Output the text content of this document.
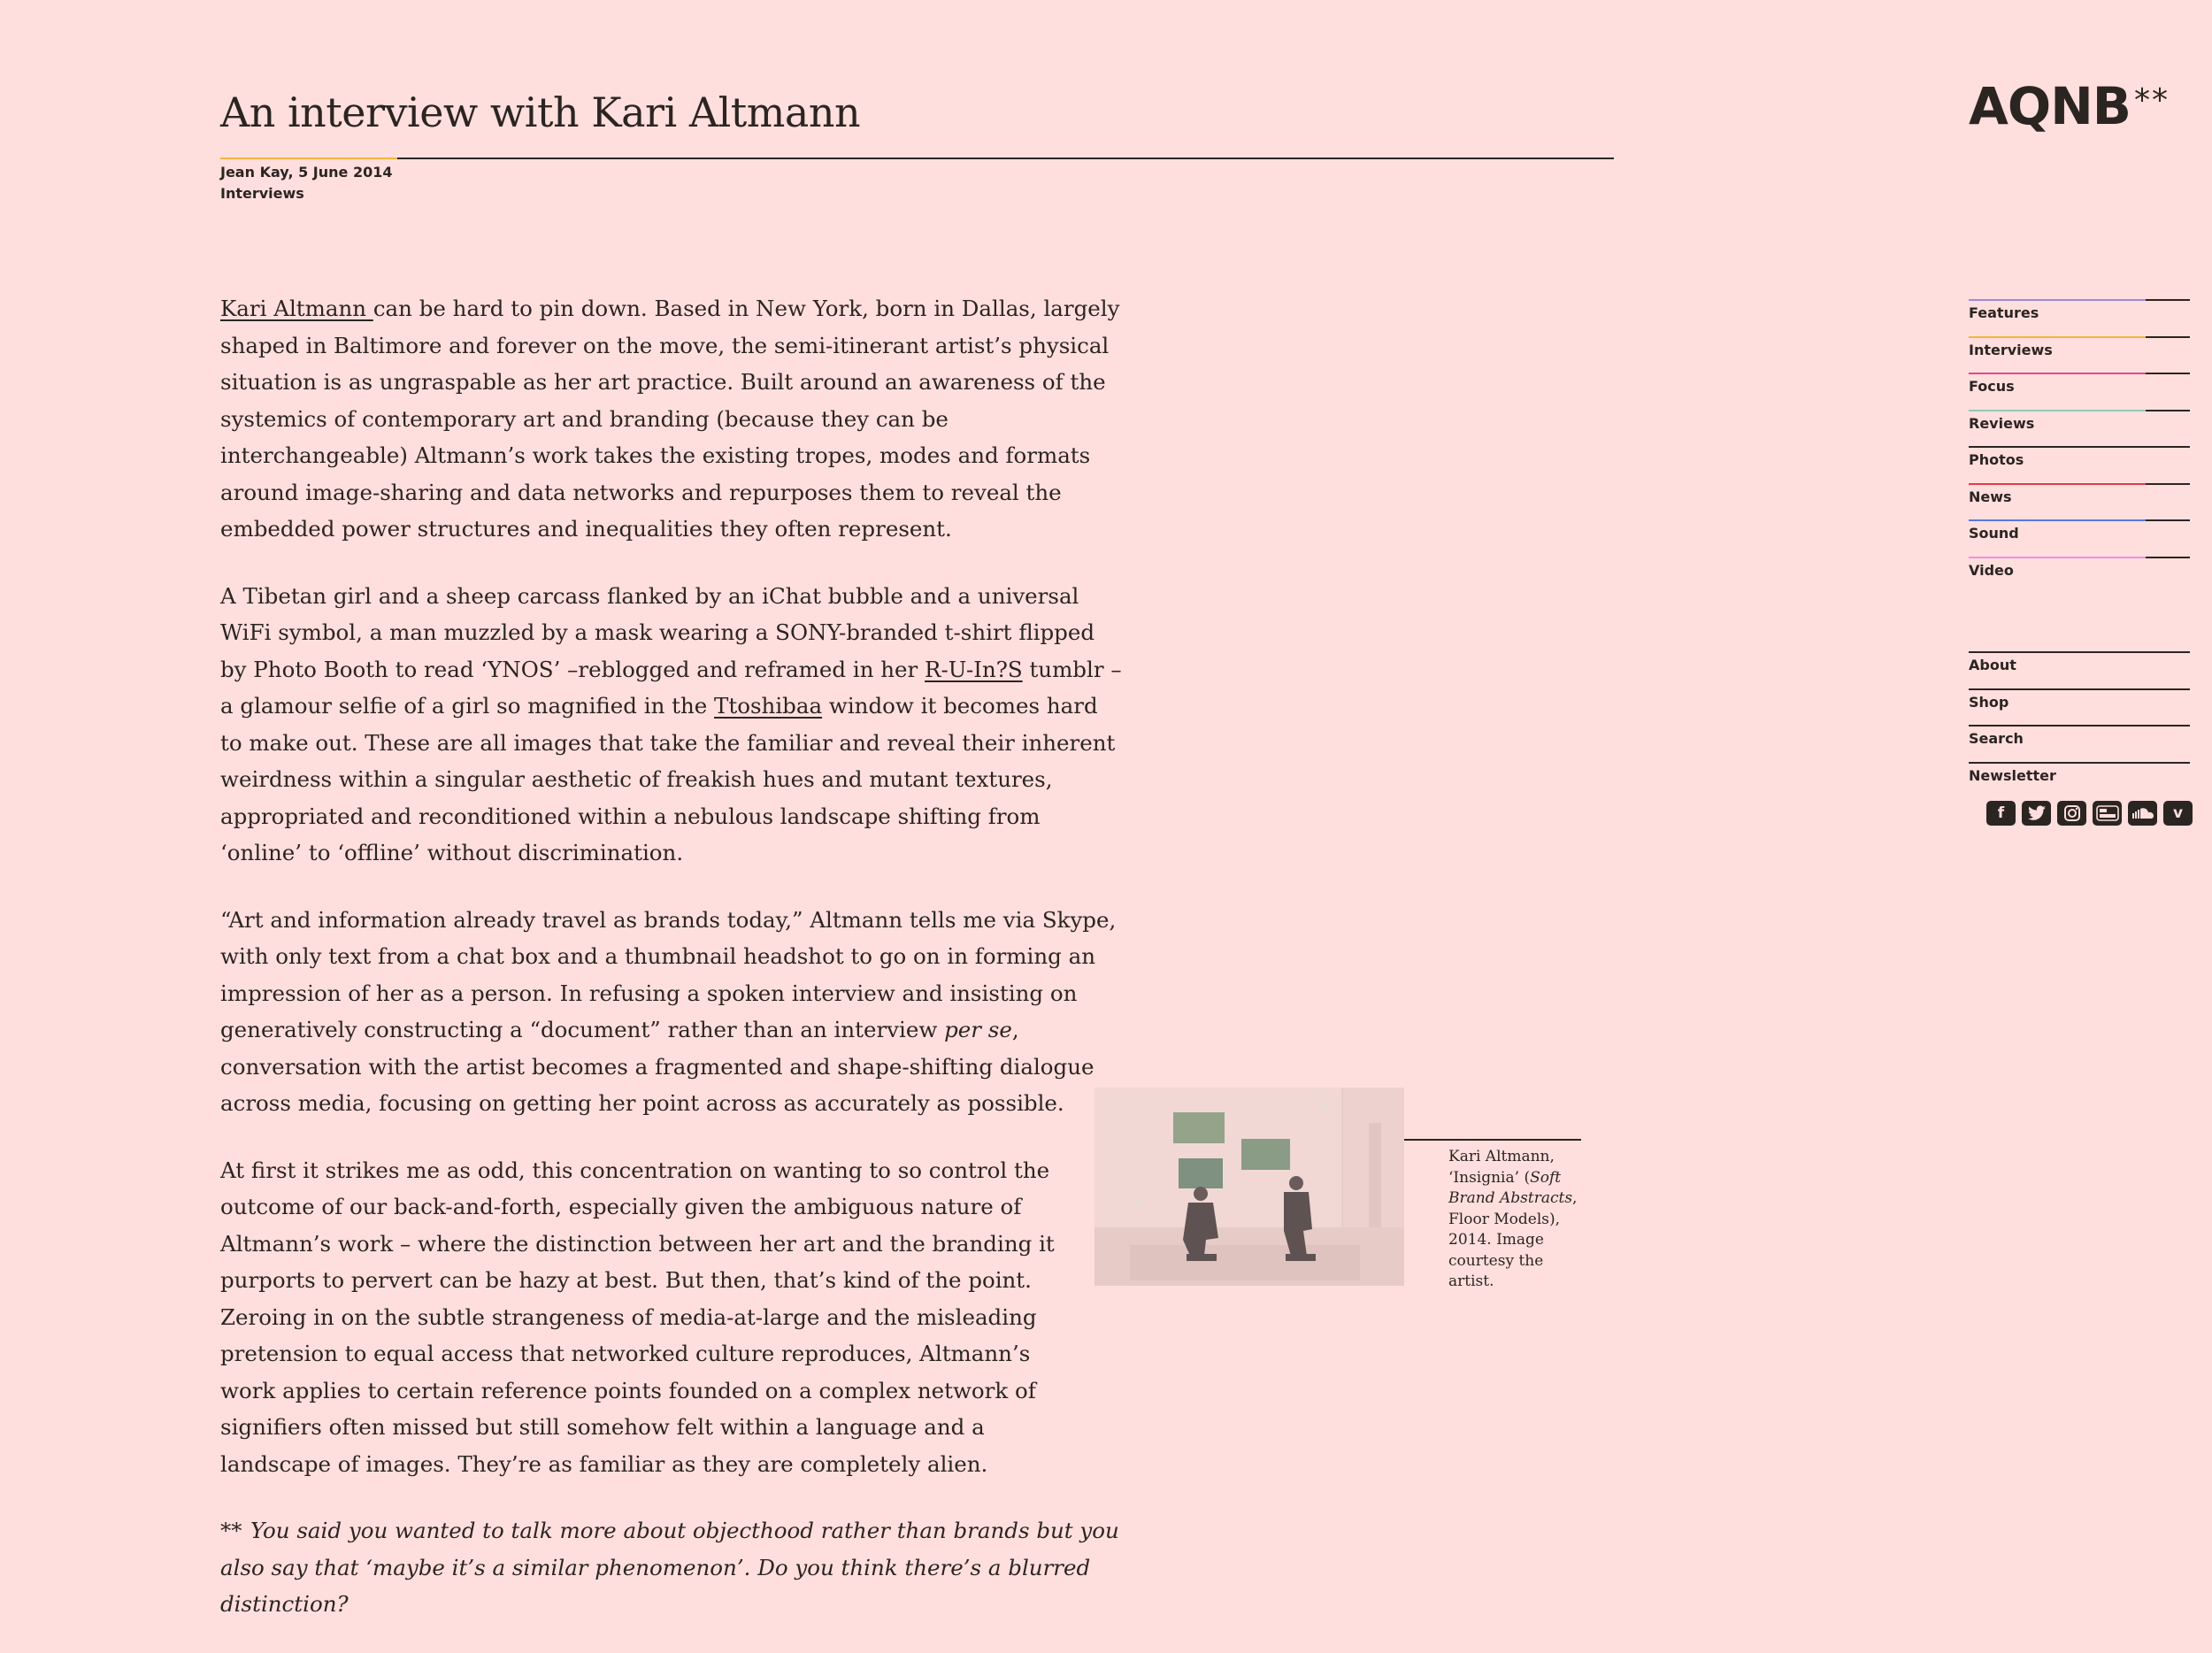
An interview with Kari Altmann
Jean Kay, 5 June 2014
Interviews

Kari Altmann can be hard to pin down. Based in New York, born in Dallas, largely shaped in Baltimore and forever on the move, the semi-itinerant artist’s physical situation is as ungraspable as her art practice. Built around an awareness of the systemics of contemporary art and branding (because they can be interchangeable) Altmann’s work takes the existing tropes, modes and formats around image-sharing and data networks and repurposes them to reveal the embedded power structures and inequalities they often represent.

A Tibetan girl and a sheep carcass flanked by an iChat bubble and a universal WiFi symbol, a man muzzled by a mask wearing a SONY-branded t-shirt flipped by Photo Booth to read ‘YNOS’ –reblogged and reframed in her R-U-In?S tumblr –a glamour selfie of a girl so magnified in the Ttoshibaa window it becomes hard to make out. These are all images that take the familiar and reveal their inherent weirdness within a singular aesthetic of freakish hues and mutant textures, appropriated and reconditioned within a nebulous landscape shifting from ‘online’ to ‘offline’ without discrimination.

“Art and information already travel as brands today,” Altmann tells me via Skype, with only text from a chat box and a thumbnail headshot to go on in forming an impression of her as a person. In refusing a spoken interview and insisting on generatively constructing a “document” rather than an interview per se, conversation with the artist becomes a fragmented and shape-shifting dialogue across media, focusing on getting her point across as accurately as possible.

At first it strikes me as odd, this concentration on wanting to so control the outcome of our back-and-forth, especially given the ambiguous nature of Altmann’s work – where the distinction between her art and the branding it purports to pervert can be hazy at best. But then, that’s kind of the point. Zeroing in on the subtle strangeness of media-at-large and the misleading pretension to equal access that networked culture reproduces, Altmann’s work applies to certain reference points founded on a complex network of signifiers often missed but still somehow felt within a language and a landscape of images. They’re as familiar as they are completely alien.

** You said you wanted to talk more about objecthood rather than brands but you also say that ‘maybe it’s a similar phenomenon’. Do you think there’s a blurred distinction?

Kari Altmann, ‘Insignia’ (Soft Brand Abstracts, Floor Models), 2014. Image courtesy the artist.
AQNB **
Features
Interviews
Focus
Reviews
Photos
News
Sound
Video
About
Shop
Search
Newsletter
f	v
